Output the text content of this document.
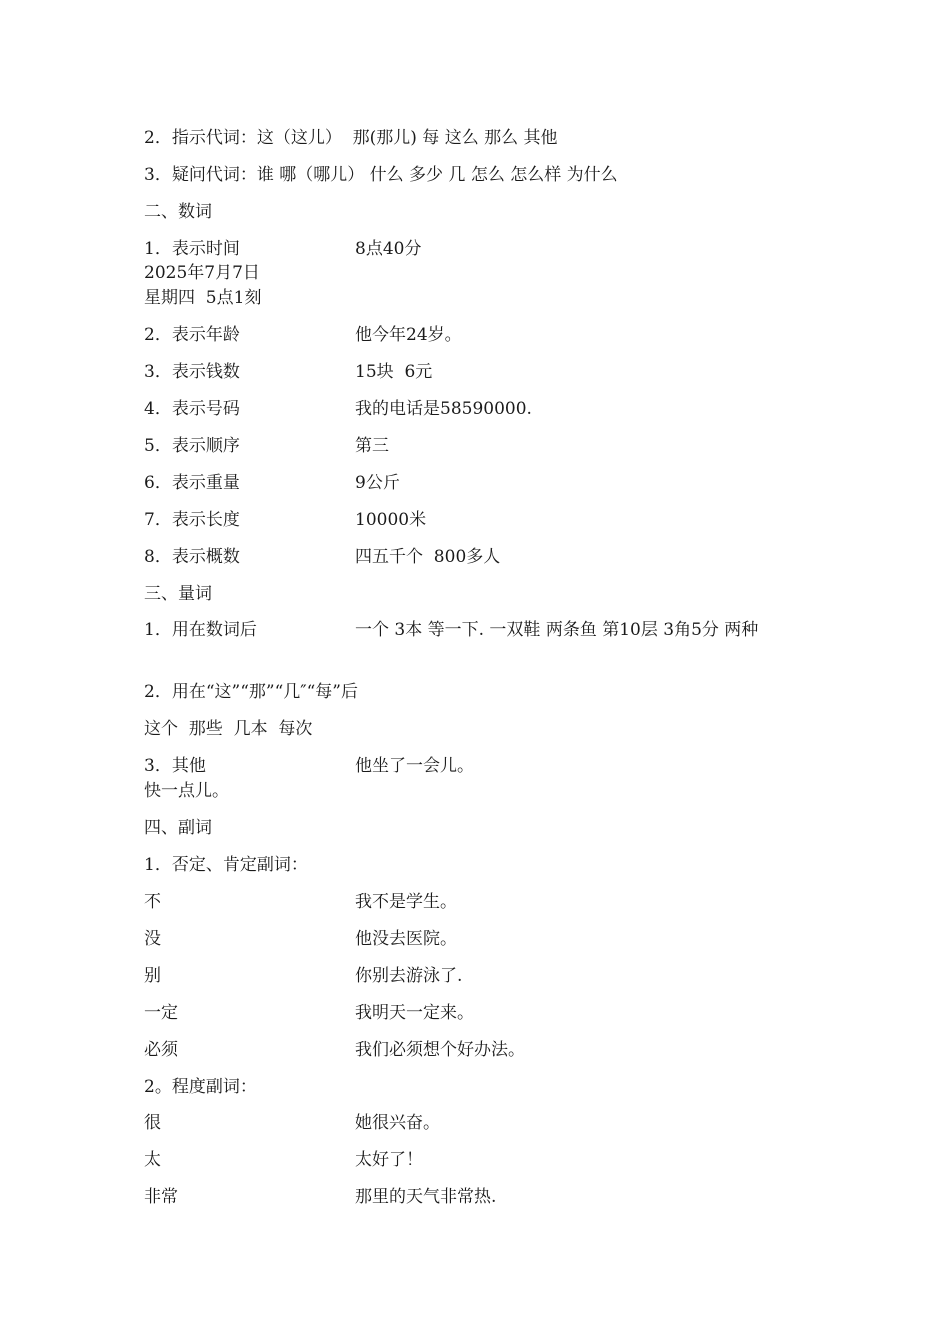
2．指示代词：这（这儿）  那(那儿) 每 这么 那么 其他
3．疑问代词：谁 哪（哪儿） 什么 多少 几 怎么 怎么样 为什么
二、数词
1．表示时间	8点40分
2025年7月7日
星期四  5点1刻
2．表示年龄	他今年24岁。
3．表示钱数	15块  6元
4．表示号码	我的电话是58590000.
5．表示顺序	第三
6．表示重量	9公斤
7．表示长度	10000米
8．表示概数	四五千个  800多人
三、量词
1．用在数词后	一个 3本 等一下. 一双鞋 两条鱼 第10层 3角5分 两种
2．用在“这”“那”“几″“每”后
这个  那些  几本  每次
3．其他	他坐了一会儿。
快一点儿。
四、副词
1．否定、肯定副词：
不	我不是学生。
没	他没去医院。
别	你别去游泳了.
一定	我明天一定来。
必须	我们必须想个好办法。
2。程度副词：
很	她很兴奋。
太	太好了！
非常	那里的天气非常热.
